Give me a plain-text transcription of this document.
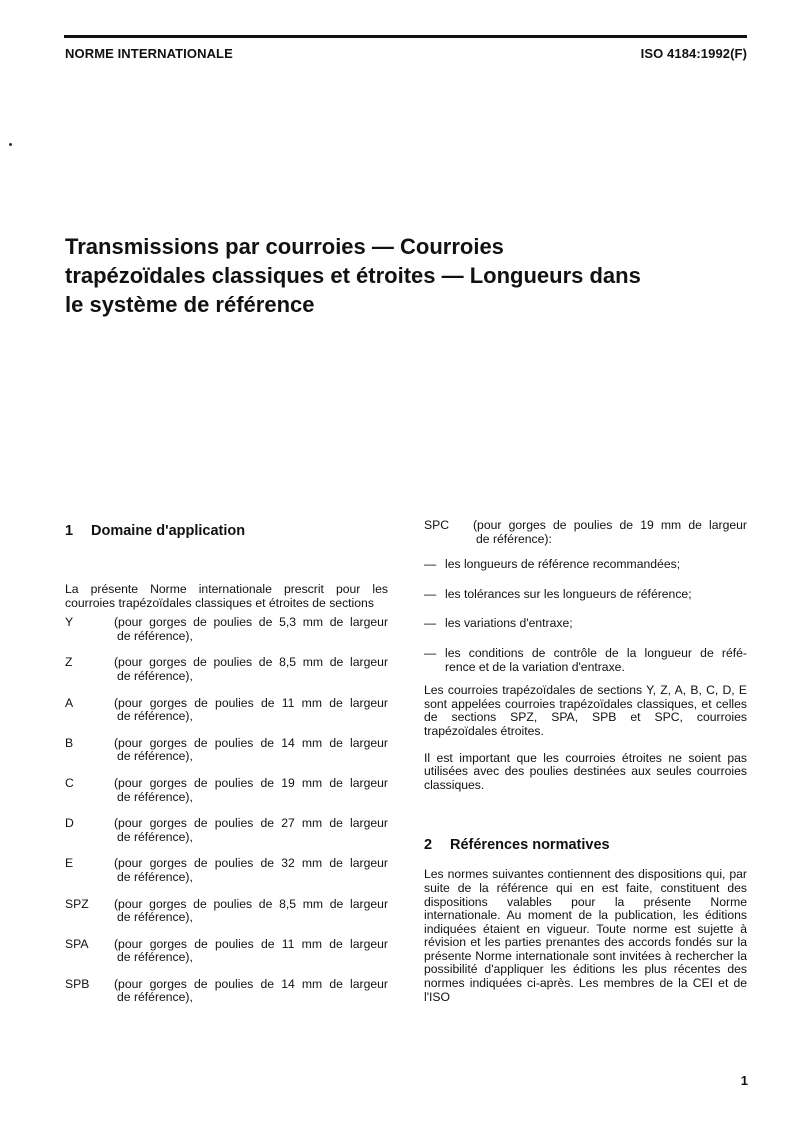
NORME INTERNATIONALE	ISO 4184:1992(F)
Transmissions par courroies — Courroies
trapézoïdales classiques et étroites — Longueurs dans
le système de référence
1 Domaine d'application

La présente Norme internationale prescrit pour les courroies trapézoïdales classiques et étroites de sections

Y	(pour gorges de poulies de 5,3 mm de largeur
de référence),
Z	(pour gorges de poulies de 8,5 mm de largeur
de référence),
A	(pour gorges de poulies de 11 mm de largeur
de référence),
B	(pour gorges de poulies de 14 mm de largeur
de référence),
C	(pour gorges de poulies de 19 mm de largeur
de référence),
D	(pour gorges de poulies de 27 mm de largeur
de référence),
E	(pour gorges de poulies de 32 mm de largeur
de référence),
SPZ	(pour gorges de poulies de 8,5 mm de largeur
de référence),
SPA	(pour gorges de poulies de 11 mm de largeur
de référence),
SPB	(pour gorges de poulies de 14 mm de largeur
de référence),
SPC	(pour gorges de poulies de 19 mm de largeur
de référence):
— les longueurs de référence recommandées;
— les tolérances sur les longueurs de référence;
— les variations d'entraxe;
— les conditions de contrôle de la longueur de réfé-
rence et de la variation d'entraxe.

Les courroies trapézoïdales de sections Y, Z, A, B, C, D, E sont appelées courroies trapézoïdales classiques, et celles de sections SPZ, SPA, SPB et SPC, courroies trapézoïdales étroites.

Il est important que les courroies étroites ne soient pas utilisées avec des poulies destinées aux seules courroies classiques.

2 Références normatives

Les normes suivantes contiennent des dispositions qui, par suite de la référence qui en est faite, constituent des dispositions valables pour la présente Norme internationale. Au moment de la publication, les éditions indiquées étaient en vigueur. Toute norme est sujette à révision et les parties prenantes des accords fondés sur la présente Norme internationale sont invitées à rechercher la possibilité d'appliquer les éditions les plus récentes des normes indiquées ci-après. Les membres de la CEI et de l'ISO

1
